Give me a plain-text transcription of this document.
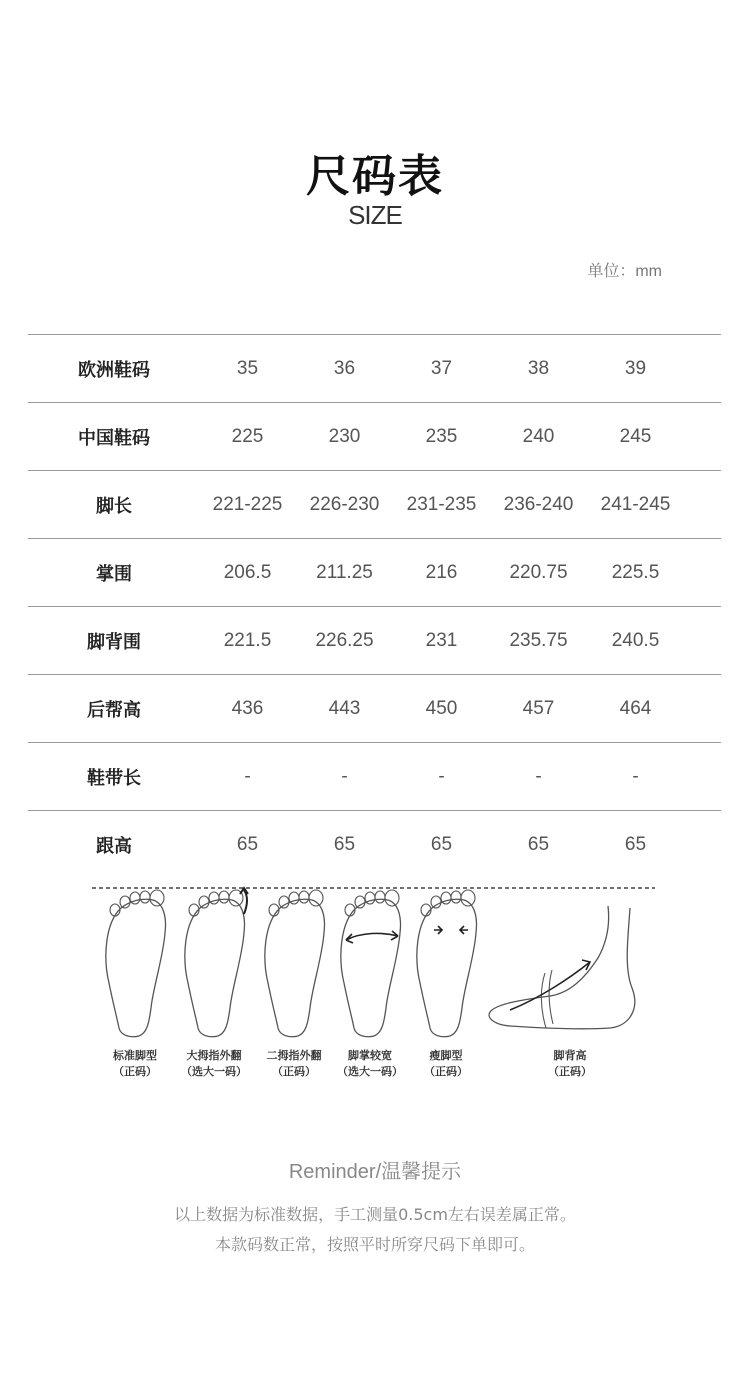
尺码表
SIZE
单位：mm
欧洲鞋码	35	36	37	38	39
中国鞋码	225	230	235	240	245
脚长	221-225	226-230	231-235	236-240	241-245
掌围	206.5	211.25	216	220.75	225.5
脚背围	221.5	226.25	231	235.75	240.5
后帮高	436	443	450	457	464
鞋带长	-	-	-	-	-
跟高	65	65	65	65	65
标准脚型
（正码）
大拇指外翻
（选大一码）
二拇指外翻
（正码）
脚掌较宽
（选大一码）
瘦脚型
（正码）
脚背高
（正码）
Reminder/温馨提示
以上数据为标准数据，手工测量0.5cm左右误差属正常。
本款码数正常，按照平时所穿尺码下单即可。
